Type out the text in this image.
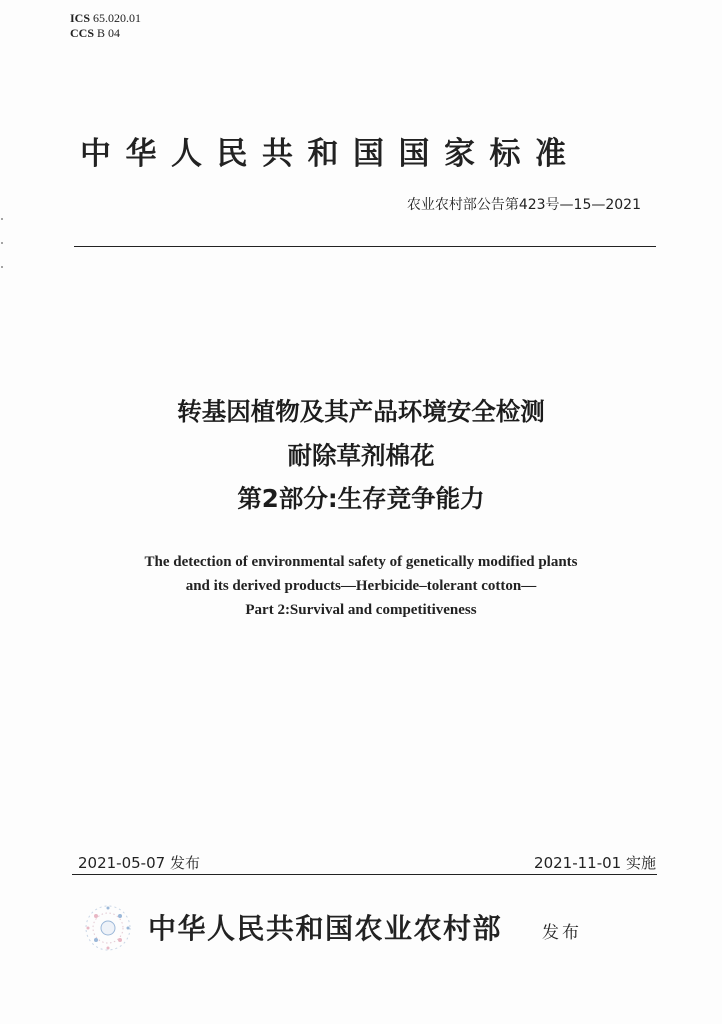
ICS 65.020.01
CCS B 04
中华人民共和国国家标准
农业农村部公告第423号—15—2021
转基因植物及其产品环境安全检测
耐除草剂棉花
第2部分:生存竞争能力
The detection of environmental safety of genetically modified plants
and its derived products—Herbicide–tolerant cotton—
Part 2:Survival and competitiveness
2021-05-07 发布	2021-11-01 实施
中华人民共和国农业农村部 发布
